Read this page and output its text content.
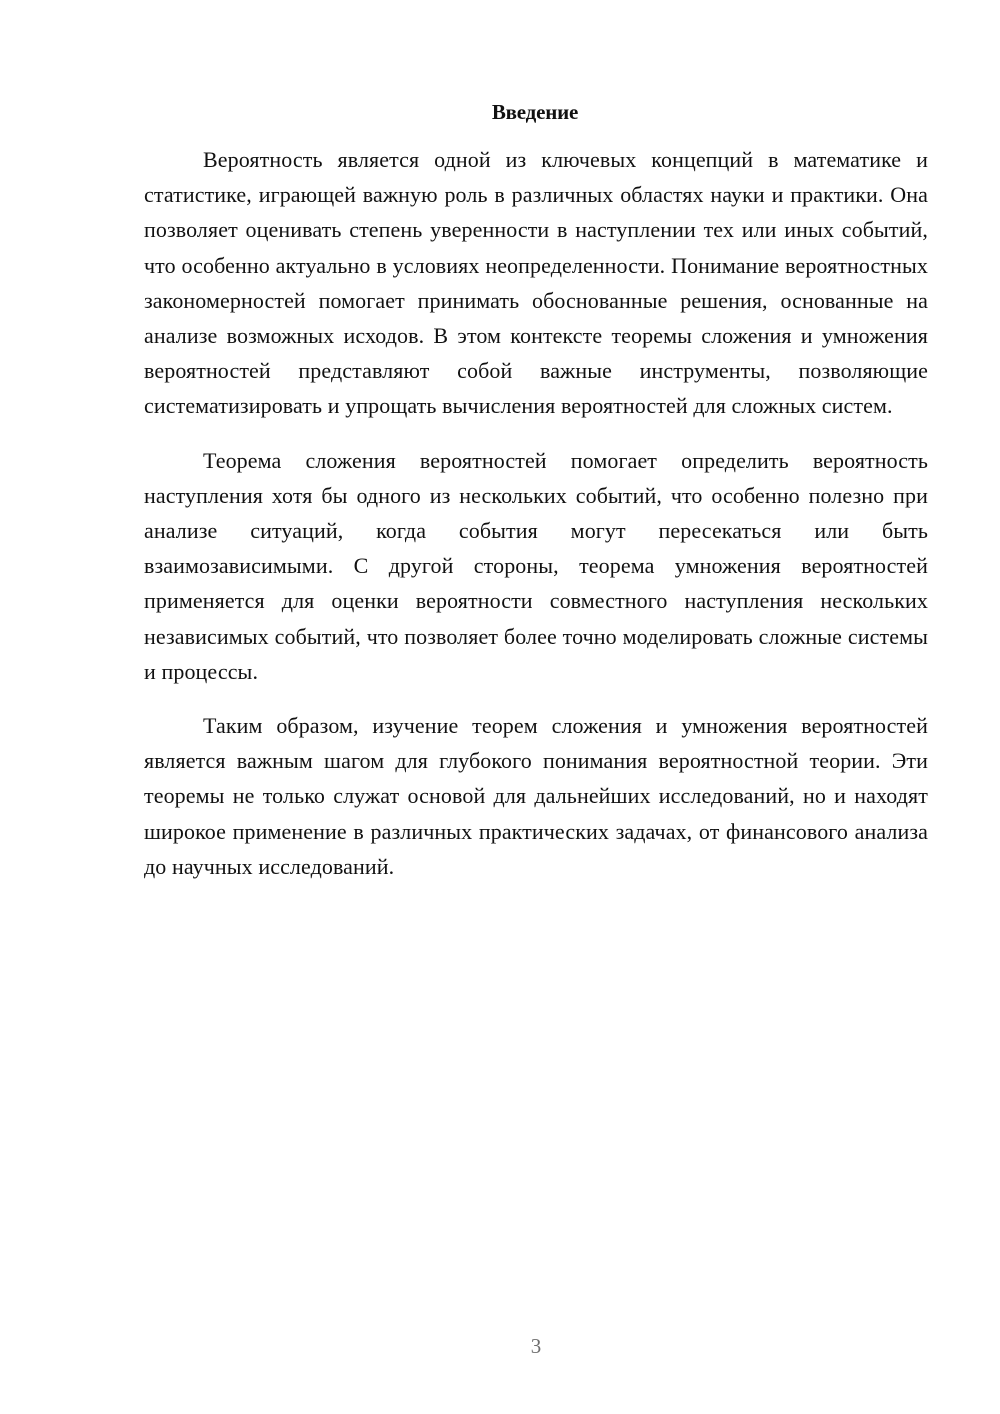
Введение

Вероятность является одной из ключевых концепций в математике и статистике, играющей важную роль в различных областях науки и практики. Она позволяет оценивать степень уверенности в наступлении тех или иных событий, что особенно актуально в условиях неопределенности. Понимание вероятностных закономерностей помогает принимать обоснованные решения, основанные на анализе возможных исходов. В этом контексте теоремы сложения и умножения вероятностей представляют собой важные инструменты, позволяющие систематизировать и упрощать вычисления вероятностей для сложных систем.

Теорема сложения вероятностей помогает определить вероятность наступления хотя бы одного из нескольких событий, что особенно полезно при анализе ситуаций, когда события могут пересекаться или быть взаимозависимыми. С другой стороны, теорема умножения вероятностей применяется для оценки вероятности совместного наступления нескольких независимых событий, что позволяет более точно моделировать сложные системы и процессы.

Таким образом, изучение теорем сложения и умножения вероятностей является важным шагом для глубокого понимания вероятностной теории. Эти теоремы не только служат основой для дальнейших исследований, но и находят широкое применение в различных практических задачах, от финансового анализа до научных исследований.

3
